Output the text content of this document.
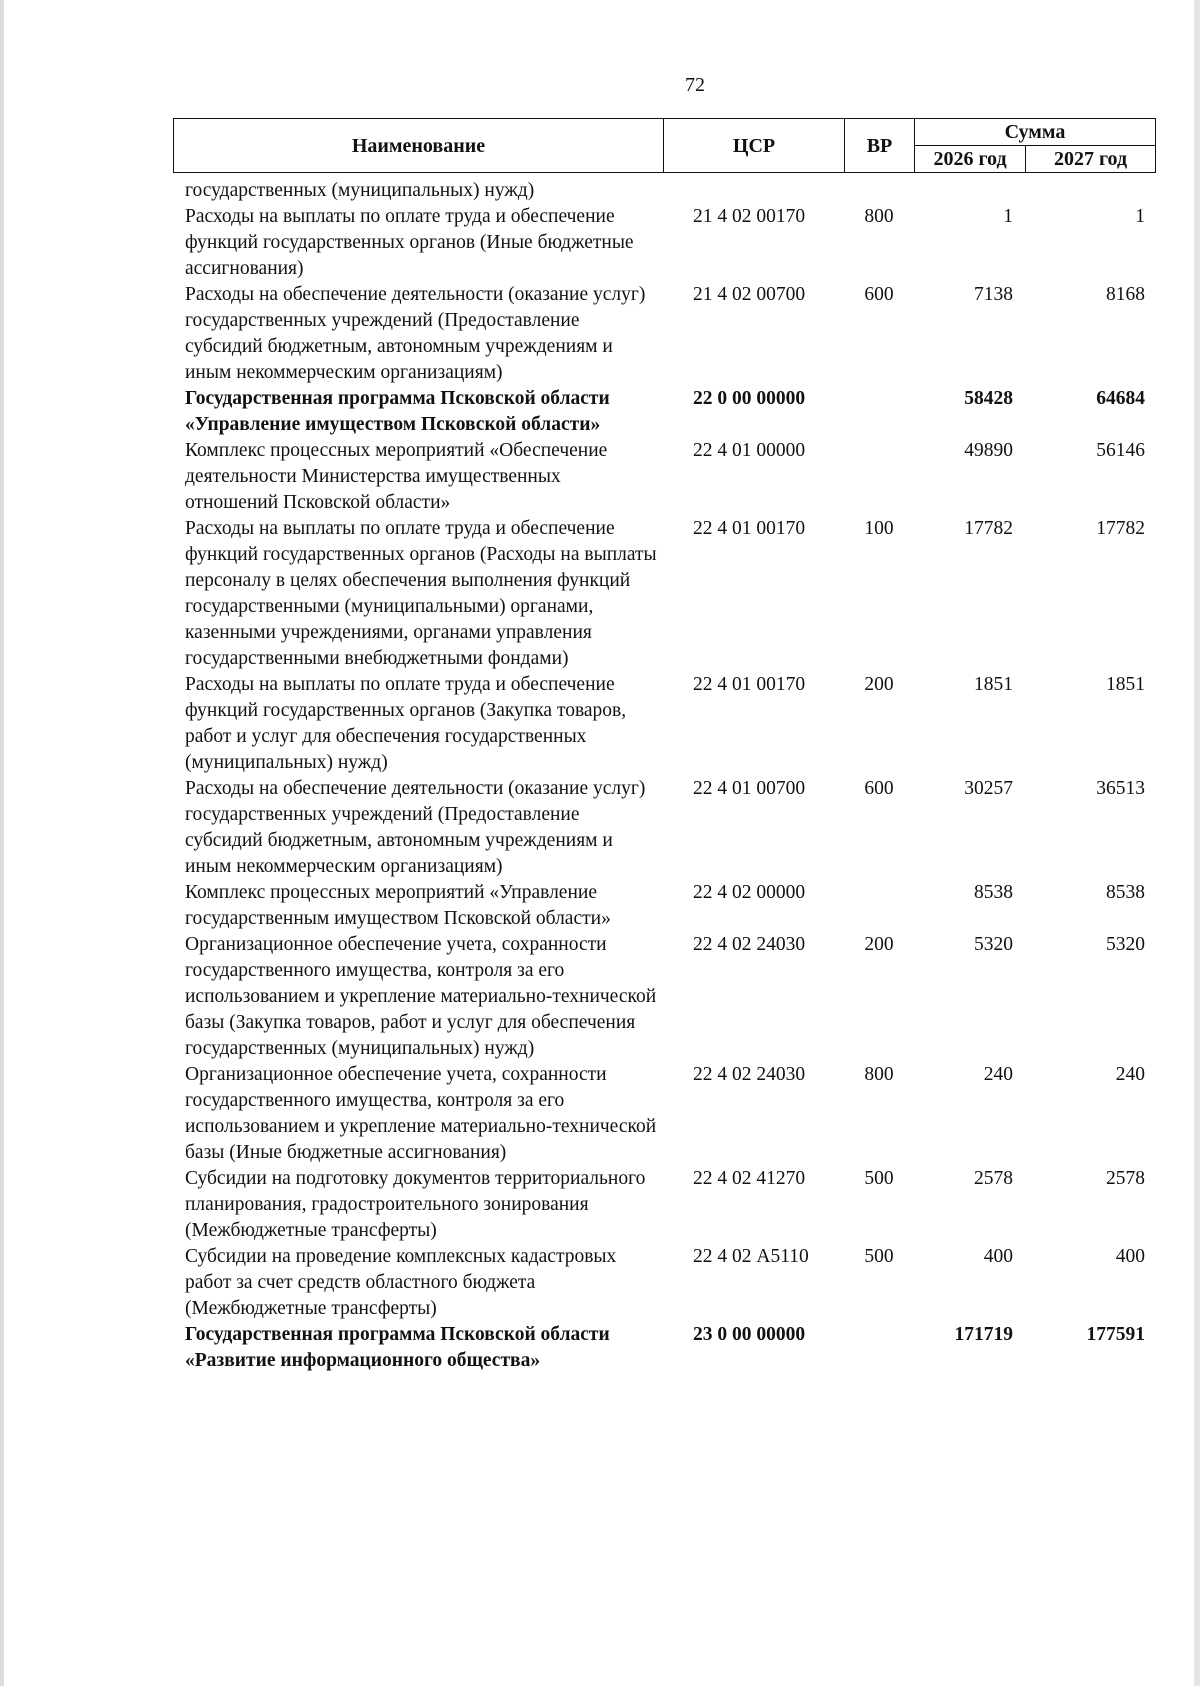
72
Наименование	ЦСР	ВР	Сумма	
			2026 год	2027 год
государственных (муниципальных) нужд)				
Расходы на выплаты по оплате труда и обеспечение функций государственных органов (Иные бюджетные ассигнования)	21 4 02 00170	800	1	1
Расходы на обеспечение деятельности (оказание услуг) государственных учреждений (Предоставление субсидий бюджетным, автономным учреждениям и иным некоммерческим организациям)	21 4 02 00700	600	7138	8168
Государственная программа Псковской области «Управление имуществом Псковской области»	22 0 00 00000		58428	64684
Комплекс процессных мероприятий «Обеспечение деятельности Министерства имущественных отношений Псковской области»	22 4 01 00000		49890	56146
Расходы на выплаты по оплате труда и обеспечение функций государственных органов (Расходы на выплаты персоналу в целях обеспечения выполнения функций государственными (муниципальными) органами, казенными учреждениями, органами управления государственными внебюджетными фондами)	22 4 01 00170	100	17782	17782
Расходы на выплаты по оплате труда и обеспечение функций государственных органов (Закупка товаров, работ и услуг для обеспечения государственных (муниципальных) нужд)	22 4 01 00170	200	1851	1851
Расходы на обеспечение деятельности (оказание услуг) государственных учреждений (Предоставление субсидий бюджетным, автономным учреждениям и иным некоммерческим организациям)	22 4 01 00700	600	30257	36513
Комплекс процессных мероприятий «Управление государственным имуществом Псковской области»	22 4 02 00000		8538	8538
Организационное обеспечение учета, сохранности государственного имущества, контроля за его использованием и укрепление материально-технической базы (Закупка товаров, работ и услуг для обеспечения государственных (муниципальных) нужд)	22 4 02 24030	200	5320	5320
Организационное обеспечение учета, сохранности государственного имущества, контроля за его использованием и укрепление материально-технической базы (Иные бюджетные ассигнования)	22 4 02 24030	800	240	240
Субсидии на подготовку документов территориального планирования, градостроительного зонирования (Межбюджетные трансферты)	22 4 02 41270	500	2578	2578
Субсидии на проведение комплексных кадастровых работ за счет средств областного бюджета (Межбюджетные трансферты)	22 4 02 А5110	500	400	400
Государственная программа Псковской области «Развитие информационного общества»	23 0 00 00000		171719	177591
